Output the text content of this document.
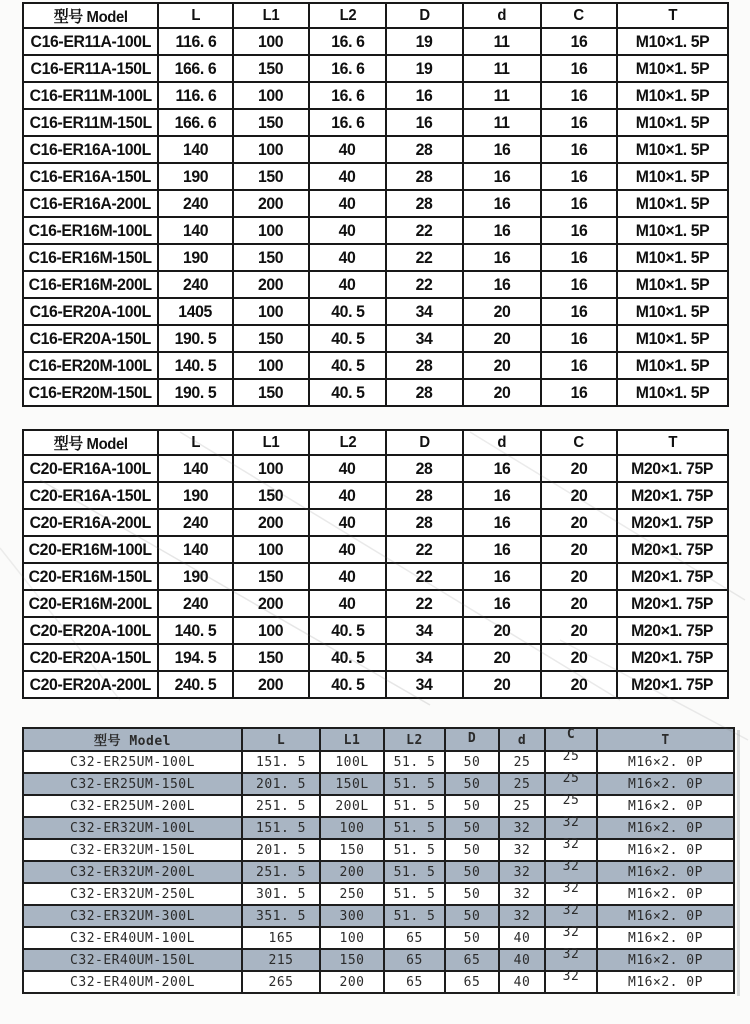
型号 Model	L	L1	L2	D	d	C	T
C16-ER11A-100L	116. 6	100	16. 6	19	11	16	M10×1. 5P
C16-ER11A-150L	166. 6	150	16. 6	19	11	16	M10×1. 5P
C16-ER11M-100L	116. 6	100	16. 6	16	11	16	M10×1. 5P
C16-ER11M-150L	166. 6	150	16. 6	16	11	16	M10×1. 5P
C16-ER16A-100L	140	100	40	28	16	16	M10×1. 5P
C16-ER16A-150L	190	150	40	28	16	16	M10×1. 5P
C16-ER16A-200L	240	200	40	28	16	16	M10×1. 5P
C16-ER16M-100L	140	100	40	22	16	16	M10×1. 5P
C16-ER16M-150L	190	150	40	22	16	16	M10×1. 5P
C16-ER16M-200L	240	200	40	22	16	16	M10×1. 5P
C16-ER20A-100L	1405	100	40. 5	34	20	16	M10×1. 5P
C16-ER20A-150L	190. 5	150	40. 5	34	20	16	M10×1. 5P
C16-ER20M-100L	140. 5	100	40. 5	28	20	16	M10×1. 5P
C16-ER20M-150L	190. 5	150	40. 5	28	20	16	M10×1. 5P
型号 Model	L	L1	L2	D	d	C	T
C20-ER16A-100L	140	100	40	28	16	20	M20×1. 75P
C20-ER16A-150L	190	150	40	28	16	20	M20×1. 75P
C20-ER16A-200L	240	200	40	28	16	20	M20×1. 75P
C20-ER16M-100L	140	100	40	22	16	20	M20×1. 75P
C20-ER16M-150L	190	150	40	22	16	20	M20×1. 75P
C20-ER16M-200L	240	200	40	22	16	20	M20×1. 75P
C20-ER20A-100L	140. 5	100	40. 5	34	20	20	M20×1. 75P
C20-ER20A-150L	194. 5	150	40. 5	34	20	20	M20×1. 75P
C20-ER20A-200L	240. 5	200	40. 5	34	20	20	M20×1. 75P
型号 Model	L	L1	L2	D	d	C	T
C32-ER25UM-100L	151. 5	100L	51. 5	50	25	25	M16×2. 0P
C32-ER25UM-150L	201. 5	150L	51. 5	50	25	25	M16×2. 0P
C32-ER25UM-200L	251. 5	200L	51. 5	50	25	25	M16×2. 0P
C32-ER32UM-100L	151. 5	100	51. 5	50	32	32	M16×2. 0P
C32-ER32UM-150L	201. 5	150	51. 5	50	32	32	M16×2. 0P
C32-ER32UM-200L	251. 5	200	51. 5	50	32	32	M16×2. 0P
C32-ER32UM-250L	301. 5	250	51. 5	50	32	32	M16×2. 0P
C32-ER32UM-300L	351. 5	300	51. 5	50	32	32	M16×2. 0P
C32-ER40UM-100L	165	100	65	50	40	32	M16×2. 0P
C32-ER40UM-150L	215	150	65	65	40	32	M16×2. 0P
C32-ER40UM-200L	265	200	65	65	40	32	M16×2. 0P
